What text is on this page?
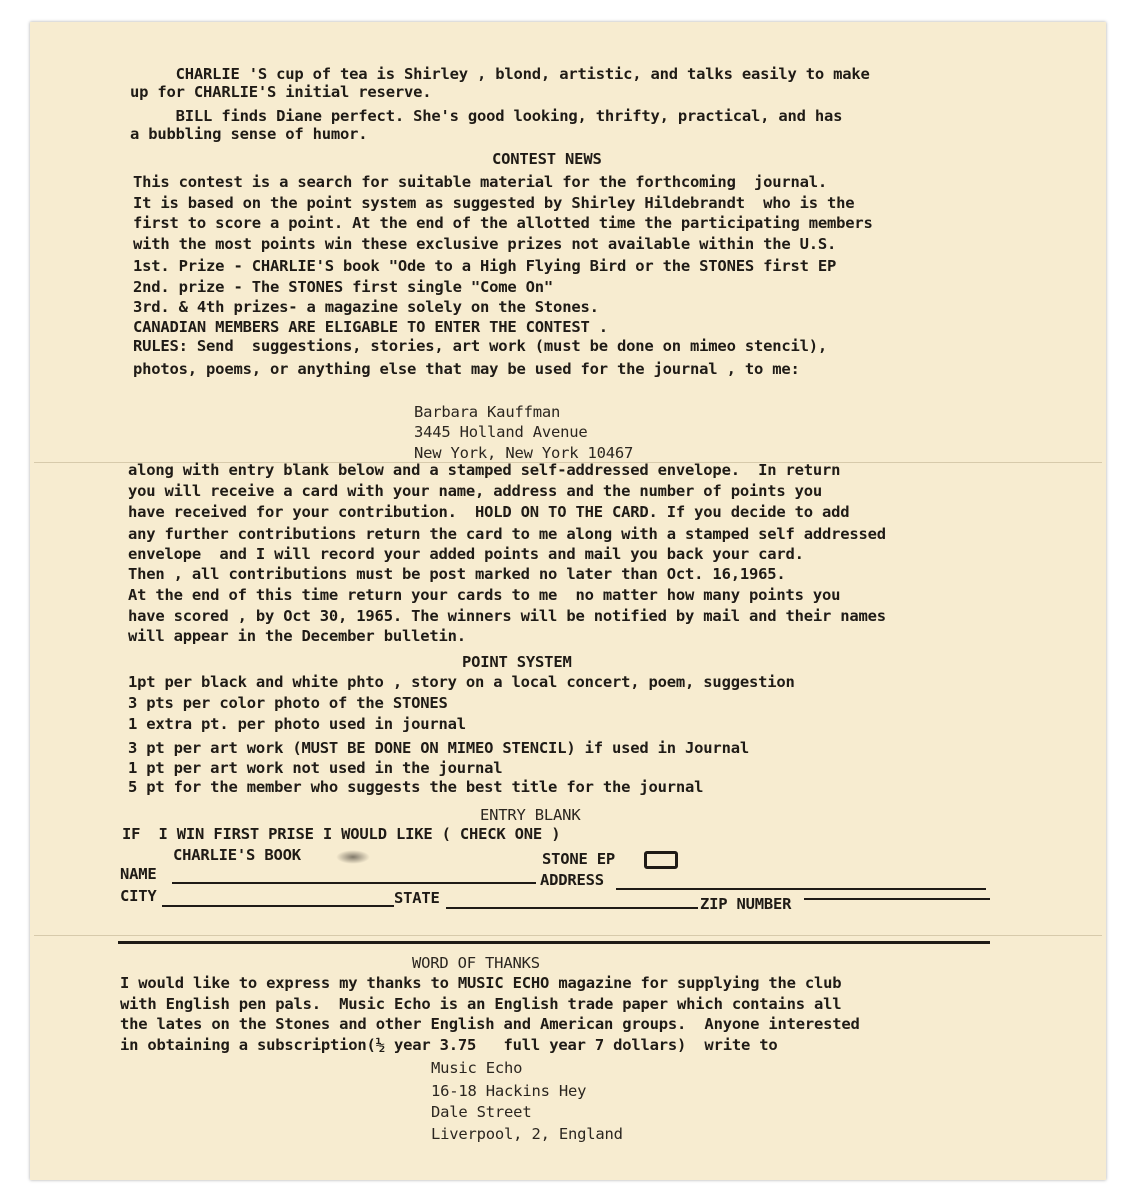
CHARLIE 'S cup of tea is Shirley , blond, artistic, and talks easily to make

up for CHARLIE'S initial reserve.

BILL finds Diane perfect. She's good looking, thrifty, practical, and has

a bubbling sense of humor.

CONTEST NEWS

This contest is a search for suitable material for the forthcoming  journal.

It is based on the point system as suggested by Shirley Hildebrandt  who is the

first to score a point. At the end of the allotted time the participating members

with the most points win these exclusive prizes not available within the U.S.

1st. Prize - CHARLIE'S book "Ode to a High Flying Bird or the STONES first EP

2nd. prize - The STONES first single "Come On"

3rd. & 4th prizes- a magazine solely on the Stones.

CANADIAN MEMBERS ARE ELIGABLE TO ENTER THE CONTEST .

RULES: Send  suggestions, stories, art work (must be done on mimeo stencil),

photos, poems, or anything else that may be used for the journal , to me:

Barbara Kauffman

3445 Holland Avenue

New York, New York 10467

along with entry blank below and a stamped self-addressed envelope.  In return

you will receive a card with your name, address and the number of points you

have received for your contribution.  HOLD ON TO THE CARD. If you decide to add

any further contributions return the card to me along with a stamped self addressed

envelope  and I will record your added points and mail you back your card.

Then , all contributions must be post marked no later than Oct. 16,1965.

At the end of this time return your cards to me  no matter how many points you

have scored , by Oct 30, 1965. The winners will be notified by mail and their names

will appear in the December bulletin.

POINT SYSTEM

1pt per black and white phto , story on a local concert, poem, suggestion

3 pts per color photo of the STONES

1 extra pt. per photo used in journal

3 pt per art work (MUST BE DONE ON MIMEO STENCIL) if used in Journal

1 pt per art work not used in the journal

5 pt for the member who suggests the best title for the journal

ENTRY BLANK

IF  I WIN FIRST PRISE I WOULD LIKE ( CHECK ONE )

CHARLIE'S BOOK	STONE EP

NAME	ADDRESS

CITY	STATE	ZIP NUMBER

WORD OF THANKS

I would like to express my thanks to MUSIC ECHO magazine for supplying the club

with English pen pals.  Music Echo is an English trade paper which contains all

the lates on the Stones and other English and American groups.  Anyone interested

in obtaining a subscription(½ year 3.75   full year 7 dollars)  write to

Music Echo

16-18 Hackins Hey

Dale Street

Liverpool, 2, England
